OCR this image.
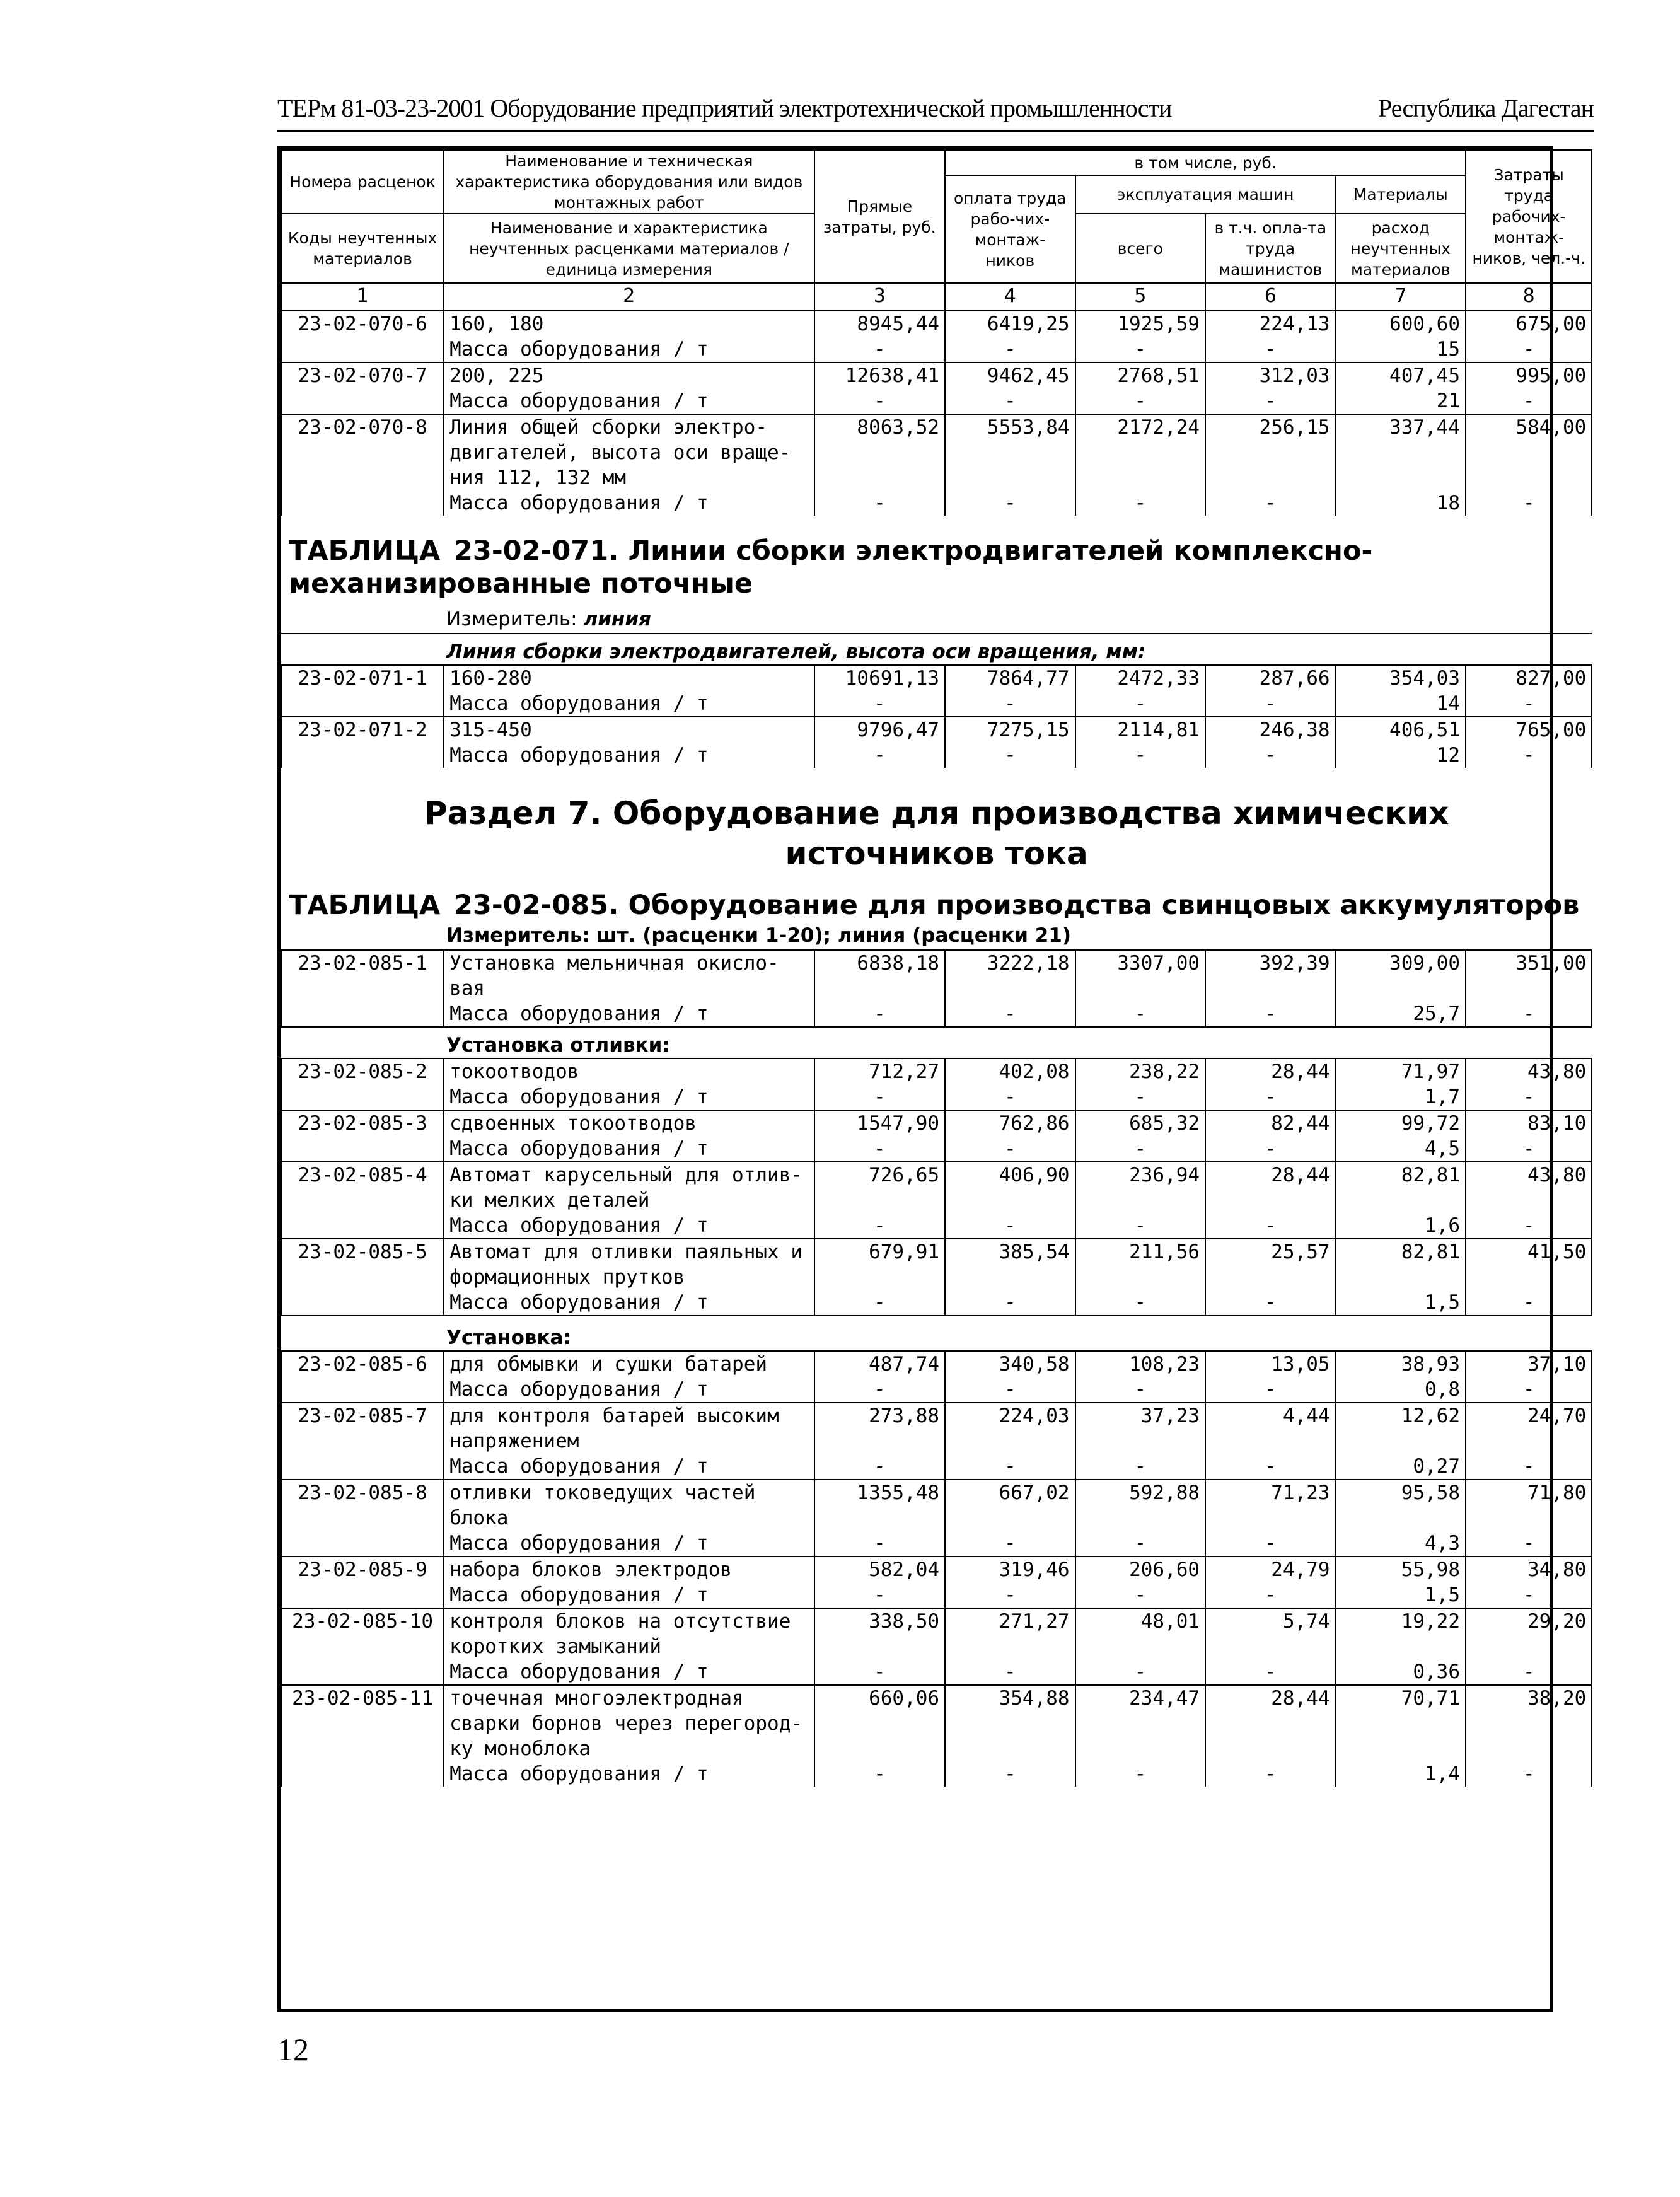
ТЕРм 81-03-23-2001 Оборудование предприятий электротехнической промышленности	Республика Дагестан
Номера расценок	Наименование и техническая характеристика оборудования или видов монтажных работ	Прямые затраты, руб.	в том числе, руб.				Затраты труда рабочих-монтаж-ников, чел.-ч.
			оплата труда рабо-чих-монтаж-ников	эксплуатация машин		Материалы	
Коды неучтенных материалов	Наименование и характеристика неучтенных расценками материалов / единица измерения			всего	в т.ч. опла-та труда машинистов	расход неучтенных материалов	

1	2	3	4	5	6	7	8
23-02-070-6	160, 180	8945,44	6419,25	1925,59	224,13	600,60	675,00
	Масса оборудования / т	-	-	-	-	15	-
23-02-070-7	200, 225	12638,41	9462,45	2768,51	312,03	407,45	995,00
	Масса оборудования / т	-	-	-	-	21	-
23-02-070-8	Линия общей сборки электро-двигателей, высота оси враще-ния 112, 132 мм	8063,52	5553,84	2172,24	256,15	337,44	584,00
	Масса оборудования / т	-	-	-	-	18	-

ТАБЛИЦА 23-02-071. Линии сборки электродвигателей комплексно-
механизированные поточные
Измеритель: линия							

Линия сборки электродвигателей, высота оси вращения, мм:							

23-02-071-1	160-280	10691,13	7864,77	2472,33	287,66	354,03	827,00
	Масса оборудования / т	-	-	-	-	14	-
23-02-071-2	315-450	9796,47	7275,15	2114,81	246,38	406,51	765,00
	Масса оборудования / т	-	-	-	-	12	-

Раздел 7. Оборудование для производства химических
источников тока
ТАБЛИЦА 23-02-085. Оборудование для производства свинцовых аккумуляторов
Измеритель: шт. (расценки 1-20); линия (расценки 21)							

23-02-085-1	Установка мельничная окисло-вая	6838,18	3222,18	3307,00	392,39	309,00	351,00
	Масса оборудования / т	-	-	-	-	25,7	-

Установка отливки:							

23-02-085-2	токоотводов	712,27	402,08	238,22	28,44	71,97	43,80
	Масса оборудования / т	-	-	-	-	1,7	-
23-02-085-3	сдвоенных токоотводов	1547,90	762,86	685,32	82,44	99,72	83,10
	Масса оборудования / т	-	-	-	-	4,5	-
23-02-085-4	Автомат карусельный для отлив-ки мелких деталей	726,65	406,90	236,94	28,44	82,81	43,80
	Масса оборудования / т	-	-	-	-	1,6	-
23-02-085-5	Автомат для отливки паяльных и формационных прутков	679,91	385,54	211,56	25,57	82,81	41,50
	Масса оборудования / т	-	-	-	-	1,5	-

Установка:							

23-02-085-6	для обмывки и сушки батарей	487,74	340,58	108,23	13,05	38,93	37,10
	Масса оборудования / т	-	-	-	-	0,8	-
23-02-085-7	для контроля батарей высоким напряжением	273,88	224,03	37,23	4,44	12,62	24,70
	Масса оборудования / т	-	-	-	-	0,27	-
23-02-085-8	отливки токоведущих частей блока	1355,48	667,02	592,88	71,23	95,58	71,80
	Масса оборудования / т	-	-	-	-	4,3	-
23-02-085-9	набора блоков электродов	582,04	319,46	206,60	24,79	55,98	34,80
	Масса оборудования / т	-	-	-	-	1,5	-
23-02-085-10	контроля блоков на отсутствие коротких замыканий	338,50	271,27	48,01	5,74	19,22	29,20
	Масса оборудования / т	-	-	-	-	0,36	-
23-02-085-11	точечная многоэлектродная сварки борнов через перегород-ку моноблока	660,06	354,88	234,47	28,44	70,71	38,20
	Масса оборудования / т	-	-	-	-	1,4	-
12
